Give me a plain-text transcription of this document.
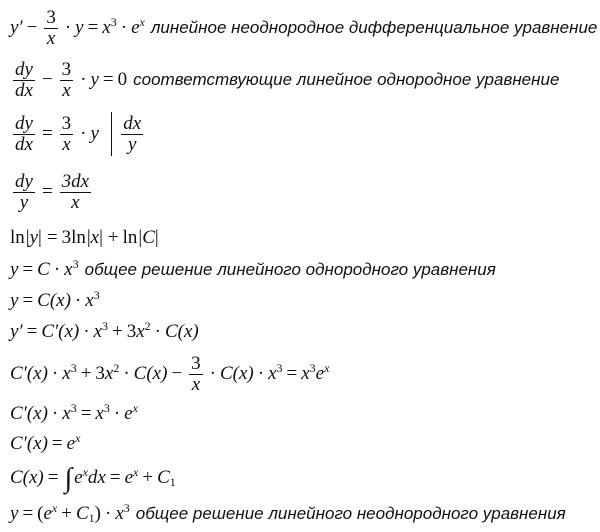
$y' - \frac{3}{x} \cdot y = x^3 \cdot e$ $^x$ линейное неоднородное дифференциальное уравнение
$\frac{dy}{dx} - \frac{3}{x} \cdot y = 0$ соответствующие линейное однородное уравнение
$\frac{dy}{dx} = \frac{3}{x} \cdot y \frac{dx}{y}$
$\frac{dy}{y} = \frac{3dx}{x}$
ln |y| = 3 ln |x| + ln |C|
$y = C \cdot x^3$ общее решение линейного однородного уравнения
$y = C(x) \cdot x^3$
$y' = C'(x) \cdot x^3 + 3$ $x^2 \cdot C(x)$
$C'(x) \cdot x^3 + 3$ $x^2 \cdot C(x) - \frac{3}{x} \cdot C(x) \cdot x^3 = x^3$ e $^x$
$C'(x) \cdot x^3 = x^3 \cdot e$ $^x$
C′(x) = e $^x$
C(x) = ∫ e $^x$ dx = e $^x + C_1$
y = ( e $^x + C_1$ ) · $x^3$ общее решение линейного неоднородного уравнения
